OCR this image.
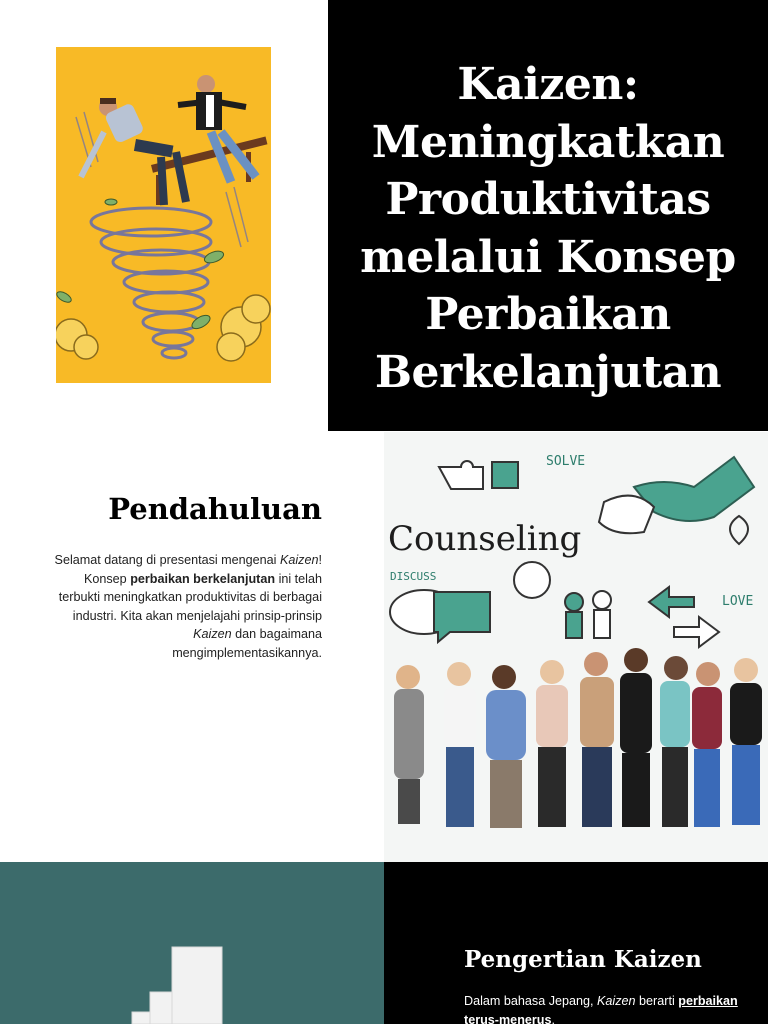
Kaizen:
Meningkatkan
Produktivitas
melalui Konsep
Perbaikan
Berkelanjutan
Pendahuluan

Selamat datang di presentasi mengenai Kaizen! Konsep perbaikan berkelanjutan ini telah terbukti meningkatkan produktivitas di berbagai industri. Kita akan menjelajahi prinsip-prinsip Kaizen dan bagaimana mengimplementasikannya.

SOLVE
Counseling
DISCUSS
LOVE
Pengertian Kaizen

Dalam bahasa Jepang, Kaizen berarti perbaikan terus-menerus.
